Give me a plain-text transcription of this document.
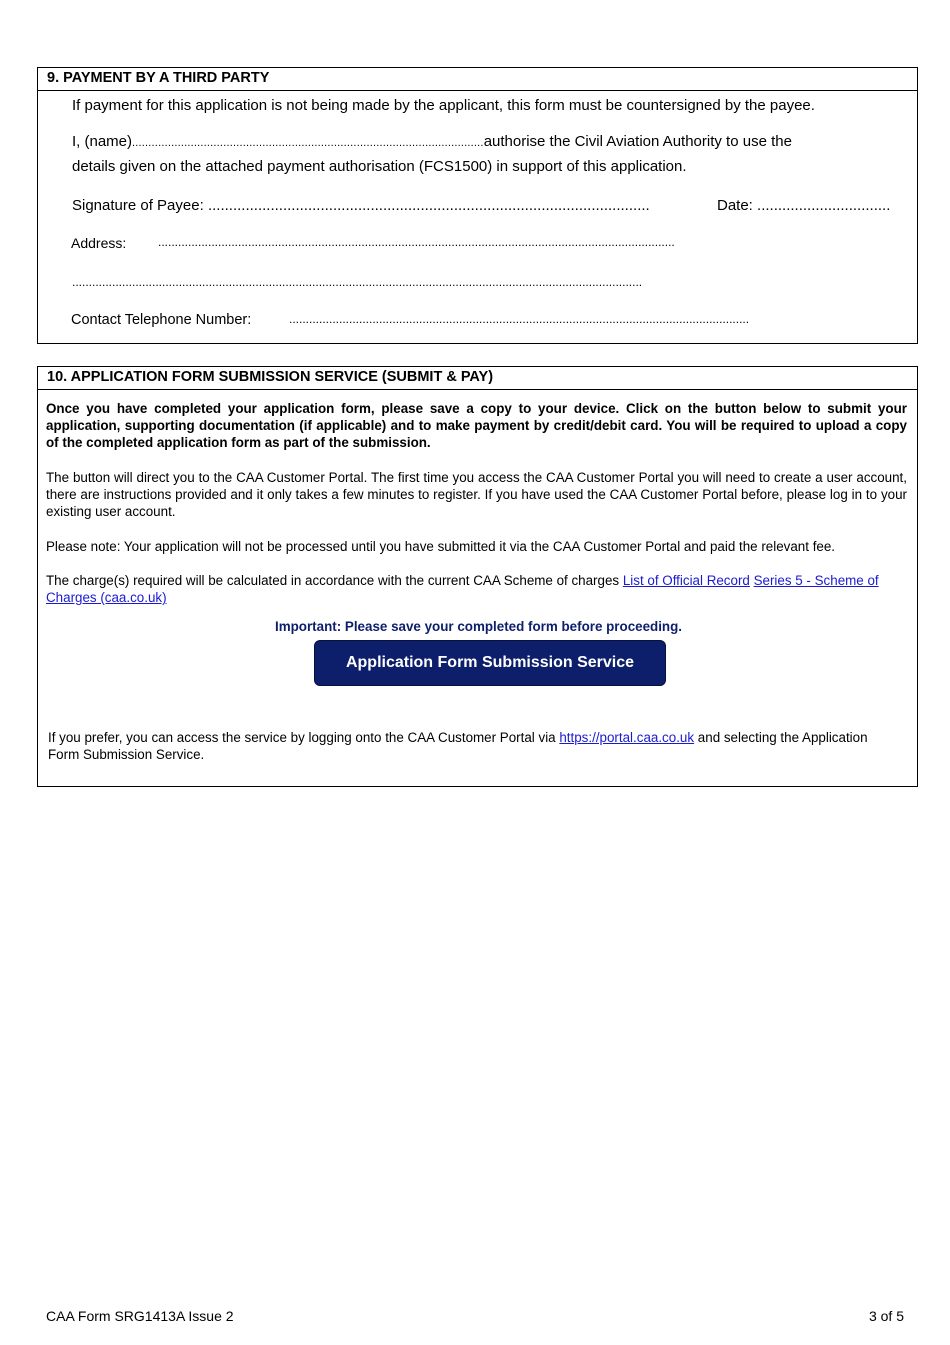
9. PAYMENT BY A THIRD PARTY
If payment for this application is not being made by the applicant, this form must be countersigned by the payee.
I, (name)............................................................................................................authorise the Civil Aviation Authority to use the
details given on the attached payment authorisation (FCS1500) in support of this application.
Signature of Payee: ..........................................................................................................	Date: ................................
Address:	...........................................................................................................................................................
...........................................................................................................................................................................
Contact Telephone Number:	..........................................................................................................................................
10. APPLICATION FORM SUBMISSION SERVICE (SUBMIT & PAY)
Once you have completed your application form, please save a copy to your device. Click on the button below to submit your application, supporting documentation (if applicable) and to make payment by credit/debit card. You will be required to upload a copy of the completed application form as part of the submission.
The button will direct you to the CAA Customer Portal. The first time you access the CAA Customer Portal you will need to create a user account, there are instructions provided and it only takes a few minutes to register. If you have used the CAA Customer Portal before, please log in to your existing user account.
Please note: Your application will not be processed until you have submitted it via the CAA Customer Portal and paid the relevant fee.
The charge(s) required will be calculated in accordance with the current CAA Scheme of charges List of Official Record Series 5 - Scheme of Charges (caa.co.uk)
Important: Please save your completed form before proceeding.
Application Form Submission Service
If you prefer, you can access the service by logging onto the CAA Customer Portal via https://portal.caa.co.uk and selecting the Application Form Submission Service.
CAA Form SRG1413A Issue 2	3 of 5
